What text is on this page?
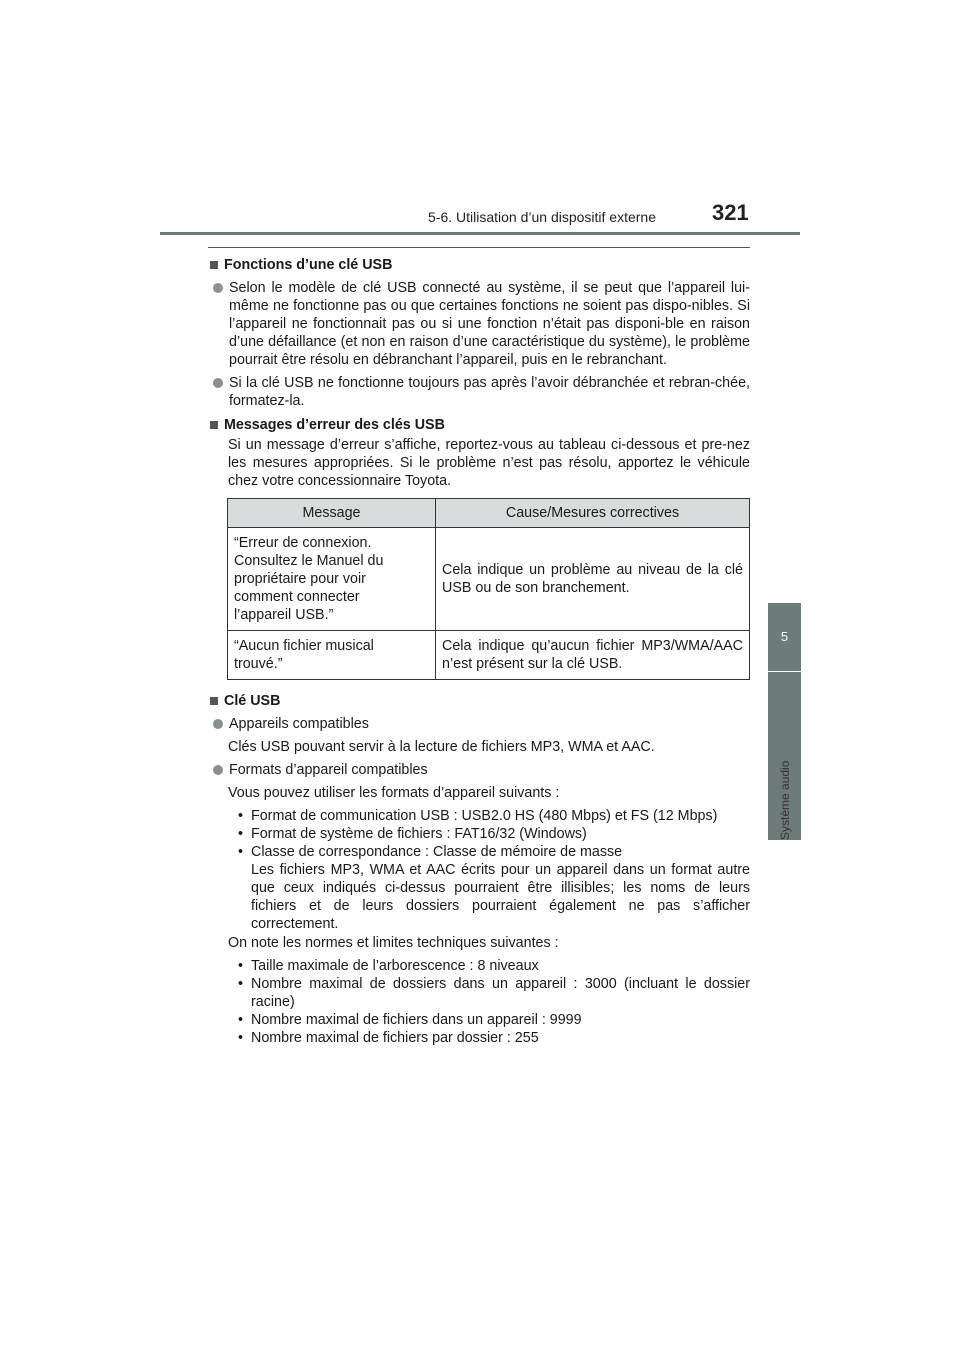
5-6. Utilisation d’un dispositif externe	321
5
Système audio
Fonctions d’une clé USB
Selon le modèle de clé USB connecté au système, il se peut que l’appareil lui-même ne fonctionne pas ou que certaines fonctions ne soient pas dispo-nibles. Si l’appareil ne fonctionnait pas ou si une fonction n’était pas disponi-ble en raison d’une défaillance (et non en raison d’une caractéristique du système), le problème pourrait être résolu en débranchant l’appareil, puis en le rebranchant.
Si la clé USB ne fonctionne toujours pas après l’avoir débranchée et rebran-chée, formatez-la.
Messages d’erreur des clés USB
Si un message d’erreur s’affiche, reportez-vous au tableau ci-dessous et pre-nez les mesures appropriées. Si le problème n’est pas résolu, apportez le véhicule chez votre concessionnaire Toyota.
Message	Cause/Mesures correctives
“Erreur de connexion. Consultez le Manuel du propriétaire pour voir comment connecter l’appareil USB.”	Cela indique un problème au niveau de la clé USB ou de son branchement.
“Aucun fichier musical trouvé.”	Cela indique qu’aucun fichier MP3/WMA/AAC n’est présent sur la clé USB.
Clé USB
Appareils compatibles
Clés USB pouvant servir à la lecture de fichiers MP3, WMA et AAC.
Formats d’appareil compatibles
Vous pouvez utiliser les formats d’appareil suivants :
• Format de communication USB : USB2.0 HS (480 Mbps) et FS (12 Mbps)
• Format de système de fichiers : FAT16/32 (Windows)
• Classe de correspondance : Classe de mémoire de masse
Les fichiers MP3, WMA et AAC écrits pour un appareil dans un format autre que ceux indiqués ci-dessus pourraient être illisibles; les noms de leurs fichiers et de leurs dossiers pourraient également ne pas s’afficher correctement.
On note les normes et limites techniques suivantes :
• Taille maximale de l’arborescence : 8 niveaux
• Nombre maximal de dossiers dans un appareil : 3000 (incluant le dossier racine)
• Nombre maximal de fichiers dans un appareil : 9999
• Nombre maximal de fichiers par dossier : 255
